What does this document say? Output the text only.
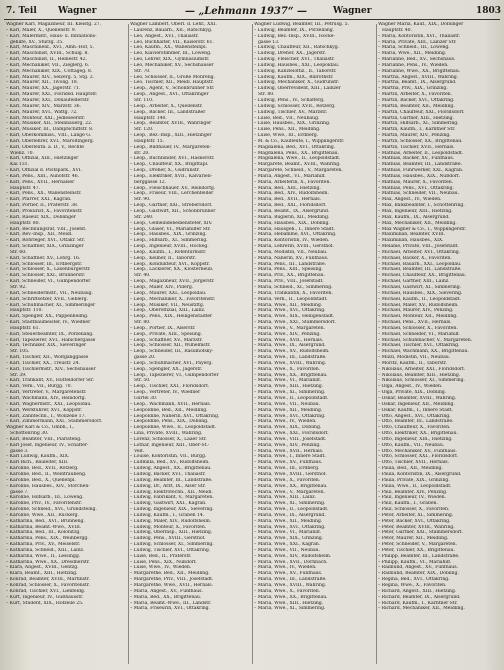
7. Teil Wagner	— „Lehmann 1937“ —	Wagner	1803
Wagner Karl, Magazineur, III. Kleistg. 27.
– Karl, Maler, X., Quellenstr. 9.
– Karl, Malermstr., Haus- u. Infinations-
gehilfe, XV., Sturzg. 35.
– Karl, Maschinenf., XVI., Amh.-Hof, 5.
– Karl, Maschinist, XVIII., Schulg. 8.
– Karl, Maschinist, II., Heinestr. 42.
– Karl, Mechaniker, VII., Zieglerg. 6.
– Karl, Mechaniker, XIX., Cottageg. 8.
– Karl, Maurer, XIV., Selzerg. 5, Stg. 2.
– Karl, Maurer, XII., Tivolig. 18.
– Karl, Maurer, XX., Jägerstr. 71.
– Karl, Maurer, XXI., Floridsd. Hauptstr.
– Karl, Maurer, XXI., Donaufelderstr.
– Karl, Maurer, XIV., Märzstr. 36.
– Karl, Maurer, XVI., Wattg. 72.
– Karl, Monteur, XXI., Jedleseerstr.
– Karl, Musiker, XII., Steinbauerg. 22.
– Karl, Musiker, III., Dampfschiffstr. 8.
– Karl, Oberkommiss., VIII., Lange G.
– Karl, Oberlehrer, XVI., Maroltingerg.
– Karl, Oberleutn. a. D., V., Rechte
Wienz. 70.
– Karl, Offizial, XIII., Hietzinger
Kai 131.
– Karl, Offizial d. Postspark., XVI.
– Karl, Pens., XIII., Auhofstr. 46.
– Karl, Pens., XVII., Hernalser
Hauptstr. 47.
– Karl, Pens., XX., Wallensteinstr.
– Karl, Pfarrer, XXI., Kagran.
– Karl, Portier, II., Praterstr. 38.
– Karl, Prokurist, X., Favoritenstr.
– Karl, Raseur, XIX., Döblinger
Hauptstr. 80.
– Karl, Rechnungsrat, VIII., Josefst.
– Karl, Rev.-Insp., XII., Meidl.
– Karl, Rohrleger, XVI., Ottakr. Str.
– Karl, Schaffner, XIX., Grinzinger
Str. 60.
– Karl, Schaffner, XV., Löhrg. 16.
– Karl, Schlosser, III., Erdbergstr.
– Karl, Schlosser, X., Laxenburgerstr.
– Karl, Schlosser, XXI., Brünnerstr.
– Karl, Schneider, VI., Gumpendorfer
Str. 92.
– Karl, Schneidermstr., VII., Neubaug.
– Karl, Schriftsetzer, XVII., Geblerg.
– Karl, Schuhmacher, XI., Simmeringer
Hauptstr. 110.
– Karl, Spengler, XX., Pappenheimg.
– Karl, Stadtbaumeister, IV., Wiedner
Hauptstr. 61.
– Karl, Steuerbeamter, IX., Porzellang.
– Karl, Tapezierer, XVI., Habichergasse
– Karl, Techniker, XIX., Sieveringer
Str. 105.
– Karl, Tischler, XII., Wolfganggasse
– Karl, Tischler, XX., Treustr. 24.
– Karl, Tischlermstr., XIV., Sechshauser
Str. 39.
– Karl, Trafikant, XV., Hütteldorfer Str.
– Karl, Verk., VII., Burgg. 70.
– Karl, Vertreter, V., Margaretenstr.
– Karl, Wachmann, XIV., Reindorfg.
– Karl, Wagnermstr., XXI., Leopoldau.
– Karl, Werkführer, XVI., Koppstr.
– Karl, Zahntechn., I., Wollzeile 17.
– Karl, Zimmermann, XXI., Stammersdorf.
Wagner Karl & Co., Gmbh., I.,
Schottenring 30.
– Karl, Beamter, VIII., Piaristeng.
– Karl Josef, Ingenieur, IV., Schäffer-
gasse 3.
– Karl Ludwig, Kaufm., XIX.
– Karl Rich., Bauleiter, XIII.
– Karoline, Bed., XVII., Rötzerg.
– Karoline, Bed., II., Weintraubeng.
– Karoline, Bed., X., Quellenpl.
– Karoline, Hausbes., XIV., Storchen-
gasse 7.
– Karoline, Hilfsarb., III., Löweng.
– Karoline, Priv., IV., Favoritenstr.
– Karoline, Schneid., XVI., Grundsteing.
– Karoline, Wwe., XII., Ruckerg.
– Katharina, Bed., XVI., Brunneng.
– Katharina, Beamt.-Wwe., XVIII.
– Katharina, Bed., III., Kolonitzg.
– Katharina, Pens., XIX., Weinbergg.
– Katharina, Priv., XV., Meiselstr.
– Katharina, Schneid., XIII., Lainz.
– Katharina, Wwe., II., Lessingg.
– Katharina, Wwe., XX., Dresdnerstr.
– Klara, Angest., XVIII., Gentzg.
– Klara, Beamt., XIII., Hietzing.
– Konrad, Beamter, XVIII., Martinstr.
– Konrad, Schlosser, X., Favoritenstr.
– Konrad, Tischler, XVI., Lienfeldg.
– Kurt, Ingenieur, IV., Gußhausstr.
– Kurt, Student, XIX., Hofzeile 25.
Wagner Lambert, Oberl. d. Lehr., XXI.
– Laurenz, Bauarb., XII., Ratschkyg.
– Leo, Angest., XVI., Thaliastr.
– Leo, Buchhalter, VII., Kaiserstr. 61.
– Leo, Kaufm., XX., Wallensteinpl.
– Leo, Klavierstimmer, III., Löweng.
– Leo, Lehrer, XIX., Gymnasiumstr.
– Leo, Mechaniker, XV., Sechshauser
Str. 70.
– Leo, Schlosser, II., Große Mohreng.
– Leo, Tischler, XII., Meidl. Hauptstr.
– Leop., Agent, V., Schönbrunner Str.
– Leop., Angest., XVI., Ottakringer
Str. 110.
– Leop., Arbeiter, X., Quellenstr.
– Leop., Bäcker, III., Landstraßer
Hauptstr. 140.
– Leop., Beamter, XVIII., Währinger
Str. 120.
– Leop., Bez.-Insp., XIII., Hietzinger
Hauptstr. 15.
– Leop., Bildhauer, IV., Margareten-
str. 20.
– Leop., Buchbinder, XVI., Hasnerstr.
– Leop., Chauffeur, XX., Brigittapl.
– Leop., Dreher, X., Gudrunstr.
– Leop., Elektriker, XVII., Kalvarien-
berggasse 12.
– Leop., Fleischhauer, XV., Reindorfg.
– Leop., Friseur, VIII., Lerchenfelder
Str. 90.
– Leop., Gärtner, XXI., Strebersdorf.
– Leop., Gastwirt, XII., Schönbrunner
Str. 240.
– Leop., Gemeindebediensteter, XIV.
– Leop., Glaser, VI., Mariahilfer Str.
– Leop., Hausbes., XIX., Grinzing.
– Leop., Hilfsarb., XI., Simmering.
– Leop., Ingenieur, XVIII., Hockeg.
– Leop., Kaufm., I., Rotenturmstr.
– Leop., Kellner, II., Taborstr.
– Leop., Kondukteur, XVI., Koppstr.
– Leop., Lackierer, XX., Klosterneub.
Str. 40.
– Leop., Magazineur, XVII., Jörgerstr.
– Leop., Maler, XIV., Pillerg.
– Leop., Maurer, XXI., Leopoldau.
– Leop., Mechaniker, X., Favoritenstr.
– Leop., Musiker, VII., Neustiftg.
– Leop., Oberoffizial, XIII., Lainz.
– Leop., Pens., XIX., Heiligenstädter
Str. 80.
– Leop., Portier, IX., Alserstr.
– Leop., Private, XIII., Speising.
– Leop., Schaffner, XV., Märzstr.
– Leop., Schlosser, XII., Wilhelmstr.
– Leop., Schneider, III., Rasumofsky-
gasse 20.
– Leop., Schuhmacher, XVI., Payerg.
– Leop., Spengler, XX., Jägerstr.
– Leop., Tapezierer, VI., Gumpendorfer
Str. 50.
– Leop., Tischler, XXI., Floridsdorf.
– Leop., Vertreter, IV., Wiedner
Gürtel 30.
– Leop., Wachmann, XVII., Hernals.
– Leopoldine, Bed., XII., Meidling.
– Leopoldine, Näherin, XVI., Ottakring.
– Leopoldine, Pens., XIX., Döbling.
– Leopoldine, Wwe., II., Leopoldstadt.
– Lina, Private, XVIII., Währing.
– Lorenz, Schlosser, X., Laaer Str.
– Lothar, Ingenieur, XIII., Ober-St.-
Veit.
– Louise, Kontoristin, VII., Burgg.
– Ludmilla, Bed., XV., Rudolfsheim.
– Ludwig, Angest., XX., Brigittenau.
– Ludwig, Bäcker, XVI., Thaliastr.
– Ludwig, Beamter, III., Landstraße.
– Ludwig, Dr., Arzt, IX., Alser Str.
– Ludwig, Elektrotechn., XII., Meidl.
– Ludwig, Fabrikant, V., Margareten.
– Ludwig, Gastwirt, XXI., Kagran.
– Ludwig, Ingenieur, XIX., Sievering.
– Ludwig, Kaufm., I., Graben 14.
– Ludwig, Maler, XIV., Rudolfsheim.
– Ludwig, Monteur, X., Favoriten.
– Ludwig, Oberinsp., XIII., Hietzing.
– Ludwig, Pens., XVIII., Gersthof.
– Ludwig, Schlosser, XI., Simmering.
– Ludwig, Tischler, XVI., Ottakring.
– Luise, Bed., II., Praterstr.
– Luise, Pens., XIX., Nußdorf.
– Luise, Wwe., IV., Wieden.
– Margarethe, Bed., XII., Meidling.
– Margarethe, Priv., VIII., Josefstadt.
– Margarethe, Wwe., XVII., Hernals.
– Maria, Angest., XV., Fünfhaus.
– Maria, Bed., XX., Brigittenau.
– Maria, Beamt.-Wwe., III., Landstr.
– Maria, Friseurin, XVI., Ottakring.
Wagner Ludwig, Beamter, III., Petrusg. 5.
– Ludwig, Beamter, IX., Porzellang.
– Ludwig, Bez.-Insp., XVIII., Hocke-
gasse 13.
– Ludwig, Chauffeur, XII., Ratschkyg.
– Ludwig, Dreher, XX., Jägerstr.
– Ludwig, Fleischer, XVI., Thaliastr.
– Ludwig, Hausbes., XXI., Leopoldau.
– Ludwig, Kanzleioffiz., II., Taborstr.
– Ludwig, Kaufm., XIX., Billrothstr.
– Ludwig, Mechaniker, X., Gudrunstr.
– Ludwig, Oberrevident, XIII., Lainzer
Str. 80.
– Ludwig, Pens., IV., Schäfferg.
– Ludwig, Schlosser, XVII., Rötzerg.
– Ludwig, Tischler, XV., Märzstr.
– Luise, Bed., VII., Neubaug.
– Luise, Hausbes., XIX., Grinzing.
– Luise, Pens., XII., Meidling.
– Luise, Wwe., III., Erdberg.
– M. & Co., Kaufleute, I., Wipplingerstr.
– Magdalena, Bed., XVI., Ottakring.
– Magdalena, Pens., XX., Brigittenau.
– Magdalena, Wwe., II., Leopoldstadt.
– Margarete, Beamt., XVIII., Währing.
– Margarete, Schneid., V., Margareten.
– Maria, Angest., VI., Mariahilf.
– Maria, Arbeiterin, X., Favoriten.
– Maria, Bed., XIII., Hietzing.
– Maria, Bed., XIV., Rudolfsheim.
– Maria, Bed., XVII., Hernals.
– Maria, Bed., XXI., Floridsdorf.
– Maria, Beamt., IX., Alsergrund.
– Maria, Büglerin, XII., Meidling.
– Maria, Hausbes., XIX., Döbling.
– Maria, Hausgeh., I., Innere Stadt.
– Maria, Hebamme, XVI., Ottakring.
– Maria, Kontoristin, IV., Wieden.
– Maria, Lehrerin, XVIII., Gersthof.
– Maria, Modistin, VII., Neubau.
– Maria, Näherin, XV., Fünfhaus.
– Maria, Pens., III., Landstraße.
– Maria, Pens., XIII., Speising.
– Maria, Priv., XX., Brigittenau.
– Maria, Priv., VIII., Josefstadt.
– Maria, Schneid., XI., Simmering.
– Maria, Trafikantin, X., Favoriten.
– Maria, Verk., II., Leopoldstadt.
– Maria, Wwe., XII., Meidling.
– Maria, Wwe., XVI., Ottakring.
– Maria, Wwe., XIX., Heiligenstadt.
– Maria, Wwe., XXI., Stammersdorf.
– Maria, Wwe., V., Margareten.
– Maria, Wwe., XIV., Penzing.
– Maria, Wwe., XVII., Hernals.
– Maria, Wwe., IX., Alsergrund.
– Maria, Wwe., XV., Rudolfsheim.
– Maria, Wwe., III., Landstraße.
– Maria, Wwe., XVIII., Währing.
– Maria, Wwe., X., Favoriten.
– Maria, Wwe., XX., Brigittenau.
– Maria, Wwe., VI., Mariahilf.
– Maria, Wwe., XIII., Hietzing.
– Maria, Wwe., XI., Simmering.
– Maria, Wwe., II., Leopoldstadt.
– Maria, Wwe., VII., Neubau.
– Maria, Wwe., XII., Meidling.
– Maria, Wwe., XVI., Ottakring.
– Maria, Wwe., IV., Wieden.
– Maria, Wwe., XIX., Döbling.
– Maria, Wwe., XXI., Floridsdorf.
– Maria, Wwe., VIII., Josefstadt.
– Maria, Wwe., XIV., Penzing.
– Maria, Wwe., XVII., Hernals.
– Maria, Wwe., I., Innere Stadt.
– Maria, Wwe., XV., Fünfhaus.
– Maria, Wwe., III., Erdberg.
– Maria, Wwe., XVIII., Gersthof.
– Maria, Wwe., X., Favoriten.
– Maria, Wwe., XX., Brigittenau.
– Maria, Wwe., V., Margareten.
– Maria, Wwe., XIII., Lainz.
– Maria, Wwe., XI., Simmering.
– Maria, Wwe., II., Leopoldstadt.
– Maria, Wwe., IX., Alsergrund.
– Maria, Wwe., XII., Meidling.
– Maria, Wwe., XVI., Ottakring.
– Maria, Wwe., VI., Mariahilf.
– Maria, Wwe., XIX., Grinzing.
– Maria, Wwe., XXI., Kagran.
– Maria, Wwe., VII., Neubau.
– Maria, Wwe., XIV., Rudolfsheim.
– Maria, Wwe., XVII., Dornbach.
– Maria, Wwe., IV., Wieden.
– Maria, Wwe., XV., Fünfhaus.
– Maria, Wwe., III., Landstraße.
– Maria, Wwe., XVIII., Währing.
– Maria, Wwe., X., Favoriten.
– Maria, Wwe., XX., Brigittenau.
– Maria, Wwe., XIII., Hietzing.
– Maria, Wwe., XI., Simmering.
Wagner Maria, Kauf., XIX., Döblinger
Hauptstr. 40.
– Maria, Kontoristin, XVI., Thaliastr.
– Maria, Private, XIII., Lainzer Str.
– Maria, Schneid., III., Löweng.
– Maria, Wwe., XII., Meidling.
– Marianne, Bed., XV., Sechshaus.
– Marianne, Pens., IV., Wieden.
– Marianne, Wwe., XX., Brigittenau.
– Martha, Angest., XVIII., Währing.
– Martha, Beamt., IX., Alsergrund.
– Martha, Priv., XIX., Grinzing.
– Martin, Arbeiter, X., Favoriten.
– Martin, Bäcker, XVI., Ottakring.
– Martin, Beamter, XII., Meidling.
– Martin, Chauffeur, XXI., Floridsdorf.
– Martin, Gärtner, XIII., Hietzing.
– Martin, Hilfsarb., XI., Simmering.
– Martin, Kaufm., I., Kärntner Str.
– Martin, Maurer, XIV., Penzing.
– Martin, Schlosser, XX., Brigittenau.
– Martin, Tischler, XVII., Hernals.
– Mathias, Arbeiter, II., Leopoldstadt.
– Mathias, Bäcker, XV., Fünfhaus.
– Mathias, Beamter, III., Landstraße.
– Mathias, Fuhrwerker, XXI., Kagran.
– Mathias, Hausbes., XIX., Nußdorf.
– Mathias, Maurer, X., Favoriten.
– Mathias, Pens., XVI., Ottakring.
– Mathias, Schneider, VII., Neubau.
– Max, Angest., IV., Wieden.
– Max, Bankbeamter, I., Schottenring.
– Max, Ingenieur, XIII., Hietzing.
– Max, Kaufm., IX., Alsergrund.
– Max, Mechaniker, XII., Meidling.
– Max Wagner & Co., I., Wipplingerstr.
– Maximilian, Beamter, XVIII.
– Maximilian, Hausbes., XIX.
– Melanie, Private, VIII., Josefstadt.
– Michael, Arbeiter, XVI., Ottakring.
– Michael, Bäcker, X., Favoriten.
– Michael, Bauarb., XXI., Leopoldau.
– Michael, Beamter, III., Landstraße.
– Michael, Chauffeur, XX., Brigittenau.
– Michael, Gärtner, XIII., Lainz.
– Michael, Gastwirt, XI., Simmering.
– Michael, Hausbes., XIX., Sievering.
– Michael, Kaufm., II., Leopoldstadt.
– Michael, Maler, XV., Rudolfsheim.
– Michael, Maurer, XIV., Penzing.
– Michael, Monteur, XII., Meidling.
– Michael, Pens., XVII., Hernals.
– Michael, Schlosser, X., Favoriten.
– Michael, Schneider, VI., Mariahilf.
– Michael, Schuhmacher, V., Margareten.
– Michael, Tischler, XVI., Ottakring.
– Michael, Wachmann, XX., Brigittenau.
– Mizzi, Modistin, VII., Neubau.
– Moritz, Kaufm., II., Taborstr.
– Nikolaus, Arbeiter, XXI., Floridsdorf.
– Nikolaus, Beamter, XIII., Hietzing.
– Nikolaus, Schlosser, XI., Simmering.
– Olga, Angest., IV., Wieden.
– Olga, Private, XIX., Döbling.
– Oskar, Beamter, XVIII., Währing.
– Oskar, Ingenieur, XII., Meidling.
– Oskar, Kaufm., I., Innere Stadt.
– Otto, Angest., XVI., Ottakring.
– Otto, Beamter, III., Landstraße.
– Otto, Chauffeur, X., Favoriten.
– Otto, Elektriker, XX., Brigittenau.
– Otto, Ingenieur, XIII., Hietzing.
– Otto, Kaufm., VII., Neubau.
– Otto, Mechaniker, XV., Fünfhaus.
– Otto, Schlosser, XXI., Floridsdorf.
– Otto, Tischler, XVII., Hernals.
– Paula, Bed., XII., Meidling.
– Paula, Kontoristin, IX., Alsergrund.
– Paula, Private, XIX., Grinzing.
– Paula, Wwe., II., Leopoldstadt.
– Paul, Beamter, XIV., Penzing.
– Paul, Ingenieur, IV., Wieden.
– Paul, Kaufm., I., Graben.
– Paul, Schlosser, X., Favoriten.
– Peter, Arbeiter, XI., Simmering.
– Peter, Bäcker, XVI., Ottakring.
– Peter, Beamter, XVIII., Währing.
– Peter, Gärtner, XXI., Stammersdorf.
– Peter, Maurer, XII., Meidling.
– Peter, Schneider, V., Margareten.
– Peter, Tischler, XX., Brigittenau.
– Philipp, Beamter, III., Landstraße.
– Philipp, Kaufm., VI., Mariahilf.
– Raimund, Angest., XV., Fünfhaus.
– Raimund, Beamter, XIX., Döbling.
– Regina, Bed., XVI., Ottakring.
– Regina, Wwe., X., Favoriten.
– Richard, Angest., XIII., Hietzing.
– Richard, Beamter, IX., Alsergrund.
– Richard, Kaufm., I., Kärntner Str.
– Richard, Mechaniker, XII., Meidling.
